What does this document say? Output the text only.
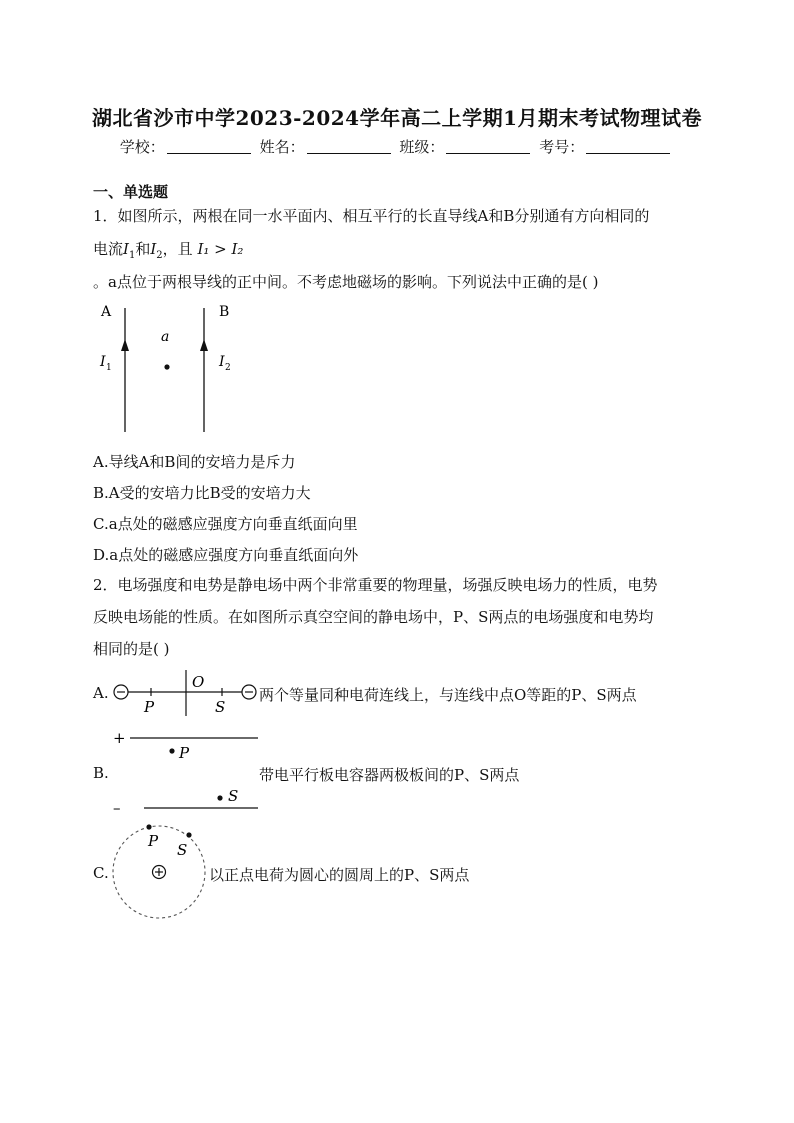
湖北省沙市中学2023-2024学年高二上学期1月期末考试物理试卷
学校：	姓名：	班级：	考号：
一、单选题
1．如图所示，两根在同一水平面内、相互平行的长直导线A和B分别通有方向相同的
电流$I_1$和$I_2$，且 I₁ > I₂
。a点位于两根导线的正中间。不考虑地磁场的影响。下列说法中正确的是( )
A	B
a
I 1	I 2
A.导线A和B间的安培力是斥力
B.A受的安培力比B受的安培力大
C.a点处的磁感应强度方向垂直纸面向里
D.a点处的磁感应强度方向垂直纸面向外
2．电场强度和电势是静电场中两个非常重要的物理量，场强反映电场力的性质，电势
反映电场能的性质。在如图所示真空空间的静电场中，P、S两点的电场强度和电势均
相同的是( )
A.
O
P	S
两个等量同种电荷连线上，与连线中点O等距的P、S两点
B.
+
P
–
S
带电平行板电容器两极板间的P、S两点
C.
P S
以正点电荷为圆心的圆周上的P、S两点
